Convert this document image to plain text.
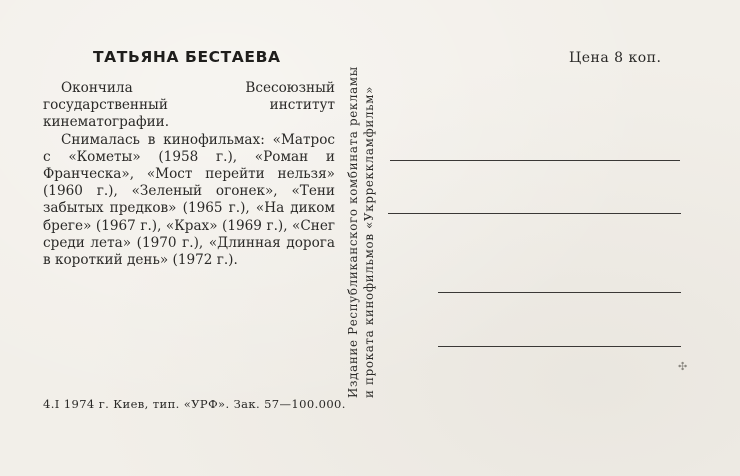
ТАТЬЯНА БЕСТАЕВА

Окончила Всесоюзный государственный институт кинематографии.

Снималась в кинофильмах: «Матрос с «Кометы» (1958 г.), «Роман и Франческа», «Мост перейти нельзя» (1960 г.), «Зеленый огонек», «Тени забытых предков» (1965 г.), «На диком бреге» (1967 г.), «Крах» (1969 г.), «Снег среди лета» (1970 г.), «Длинная дорога в короткий день» (1972 г.).

4.I 1974 г. Киев, тип. «УРФ». Зак. 57—100.000.
Издание Республиканского комбината рекламы и проката кинофильмов «Укрреккламфильм»
Цена 8 коп.
✣
